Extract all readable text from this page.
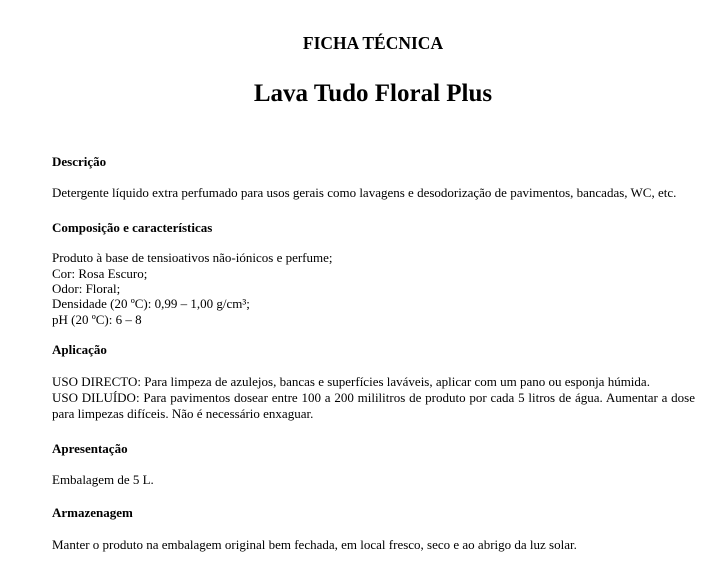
FICHA TÉCNICA
Lava Tudo Floral Plus
Descrição
Detergente líquido extra perfumado para usos gerais como lavagens e desodorização de pavimentos, bancadas, WC, etc.
Composição e características
Produto à base de tensioativos não-iónicos e perfume;
Cor: Rosa Escuro;
Odor: Floral;
Densidade (20 ºC): 0,99 – 1,00 g/cm³;
pH (20 ºC): 6 – 8
Aplicação
USO DIRECTO: Para limpeza de azulejos, bancas e superfícies laváveis, aplicar com um pano ou esponja húmida.
USO DILUÍDO: Para pavimentos dosear entre 100 a 200 mililitros de produto por cada 5 litros de água. Aumentar a dose para limpezas difíceis. Não é necessário enxaguar.
Apresentação
Embalagem de 5 L.
Armazenagem
Manter o produto na embalagem original bem fechada, em local fresco, seco e ao abrigo da luz solar.
